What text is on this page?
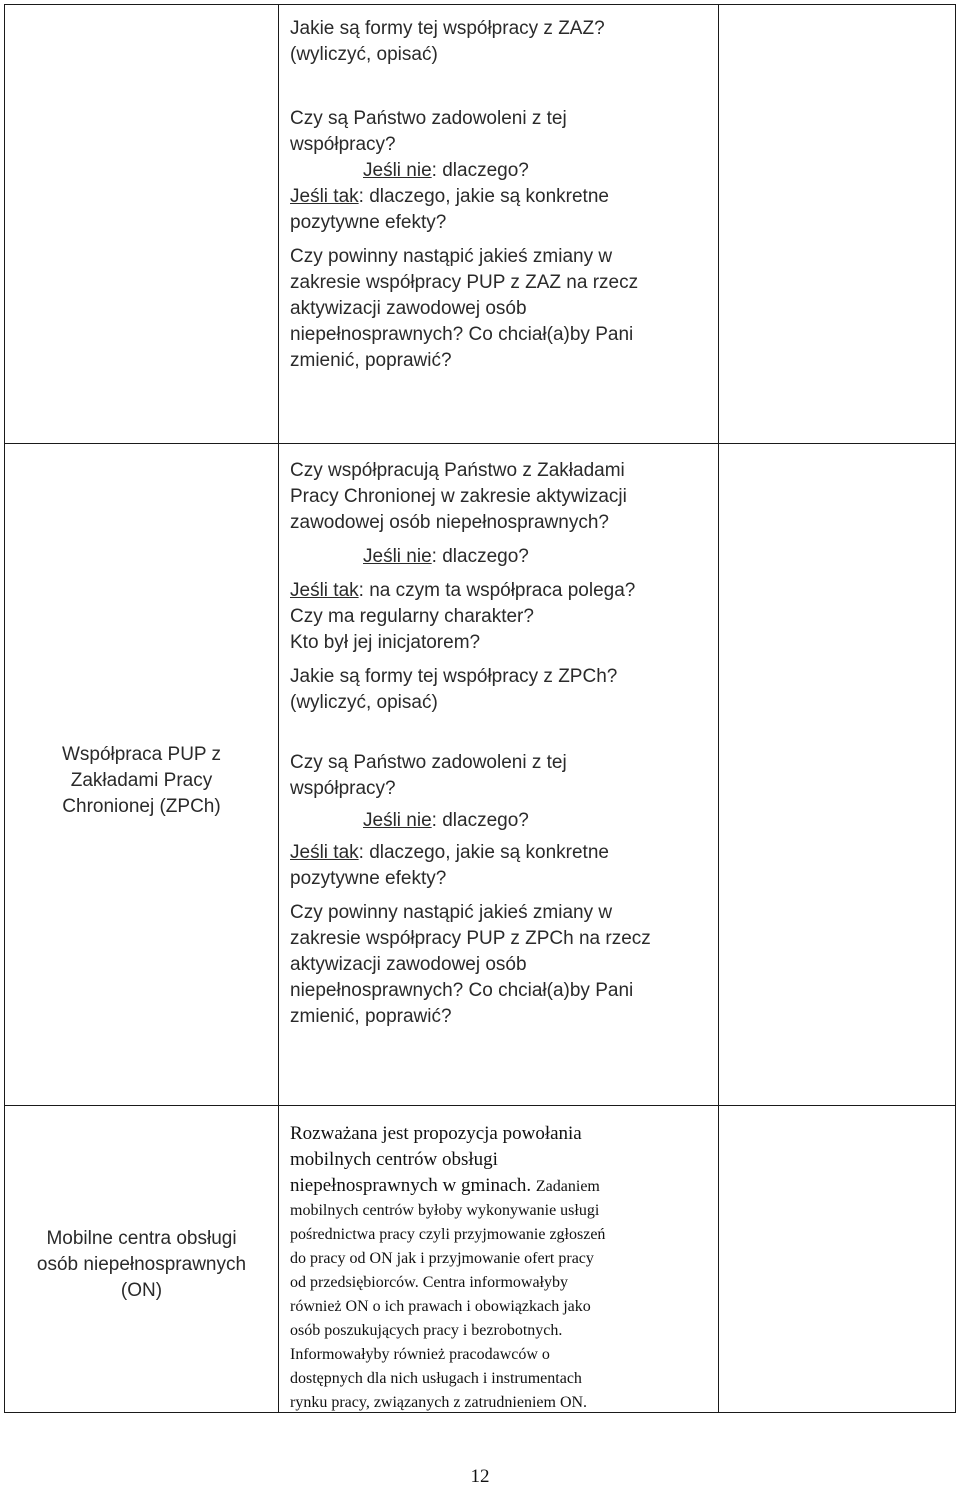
Jakie są formy tej współpracy z ZAZ?

(wyliczyć, opisać)

Czy są Państwo zadowoleni z tej

współpracy?

Jeśli nie: dlaczego?

Jeśli tak: dlaczego, jakie są konkretne

pozytywne efekty?

Czy powinny nastąpić jakieś zmiany w

zakresie współpracy PUP z ZAZ na rzecz

aktywizacji zawodowej osób

niepełnosprawnych? Co chciał(a)by Pani

zmienić, poprawić?

Współpraca PUP z

Zakładami Pracy

Chronionej (ZPCh)

Czy współpracują Państwo z Zakładami

Pracy Chronionej w zakresie aktywizacji

zawodowej osób niepełnosprawnych?

Jeśli nie: dlaczego?

Jeśli tak: na czym ta współpraca polega?

Czy ma regularny charakter?

Kto był jej inicjatorem?

Jakie są formy tej współpracy z ZPCh?

(wyliczyć, opisać)

Czy są Państwo zadowoleni z tej

współpracy?

Jeśli nie: dlaczego?

Jeśli tak: dlaczego, jakie są konkretne

pozytywne efekty?

Czy powinny nastąpić jakieś zmiany w

zakresie współpracy PUP z ZPCh na rzecz

aktywizacji zawodowej osób

niepełnosprawnych? Co chciał(a)by Pani

zmienić, poprawić?

Mobilne centra obsługi

osób niepełnosprawnych

(ON)

Rozważana jest propozycja powołania

mobilnych centrów obsługi

niepełnosprawnych w gminach. Zadaniem

mobilnych centrów byłoby wykonywanie usługi

pośrednictwa pracy czyli przyjmowanie zgłoszeń

do pracy od ON jak i przyjmowanie ofert pracy

od przedsiębiorców. Centra informowałyby

również ON o ich prawach i obowiązkach jako

osób poszukujących pracy i bezrobotnych.

Informowałyby również pracodawców o

dostępnych dla nich usługach i instrumentach

rynku pracy, związanych z zatrudnieniem ON.

12
